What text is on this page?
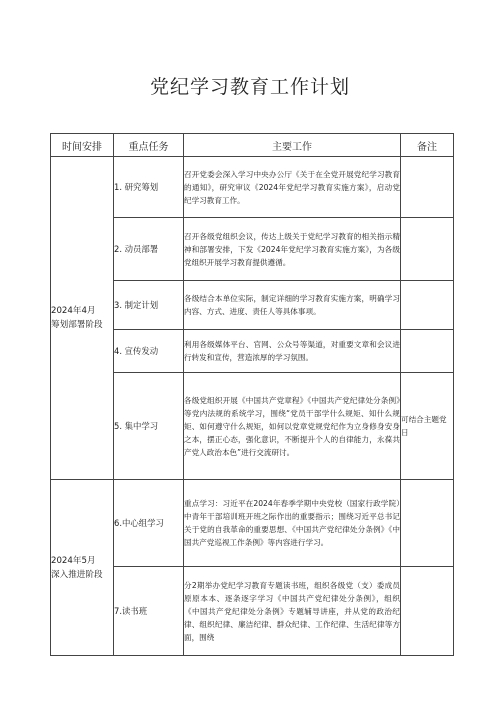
党纪学习教育工作计划
时间安排	重点任务	主要工作	备注

2024年4月
筹划部署阶段	1. 研究筹划	召开党委会深入学习中央办公厅《关于在全党开展党纪学习教育的通知》，研究审议《2024年党纪学习教育实施方案》，启动党纪学习教育工作。	
	2. 动员部署	召开各级党组织会议，传达上级关于党纪学习教育的相关指示精神和部署安排，下发《2024年党纪学习教育实施方案》，为各级党组织开展学习教育提供遵循。	
	3. 制定计划	各级结合本单位实际，制定详细的学习教育实施方案，明确学习内容、方式、进度、责任人等具体事项。	
	4. 宣传发动	利用各级媒体平台、官网、公众号等渠道，对重要文章和会议进行转发和宣传，营造浓厚的学习氛围。	
	5. 集中学习	各级党组织开展《中国共产党章程》《中国共产党纪律处分条例》等党内法规的系统学习，围绕“党员干部学什么规矩、知什么规矩、如何遵守什么规矩，如何以党章党规党纪作为立身修身安身之本，摆正心态，强化意识，不断提升个人的自律能力，永葆共产党人政治本色”进行交流研讨。	可结合主题党日

2024年5月
深入推进阶段	6.中心组学习	重点学习：习近平在2024年春季学期中央党校（国家行政学院）中青年干部培训班开班之际作出的重要指示；围绕习近平总书记关于党的自我革命的重要思想、《中国共产党纪律处分条例》《中国共产党巡视工作条例》等内容进行学习。	
	7.读书班	分2期举办党纪学习教育专题读书班，组织各级党（支）委成员原原本本、逐条逐字学习《中国共产党纪律处分条例》，组织《中国共产党纪律处分条例》专题辅导讲座，并从党的政治纪律、组织纪律、廉洁纪律、群众纪律、工作纪律、生活纪律等方面，围绕	
